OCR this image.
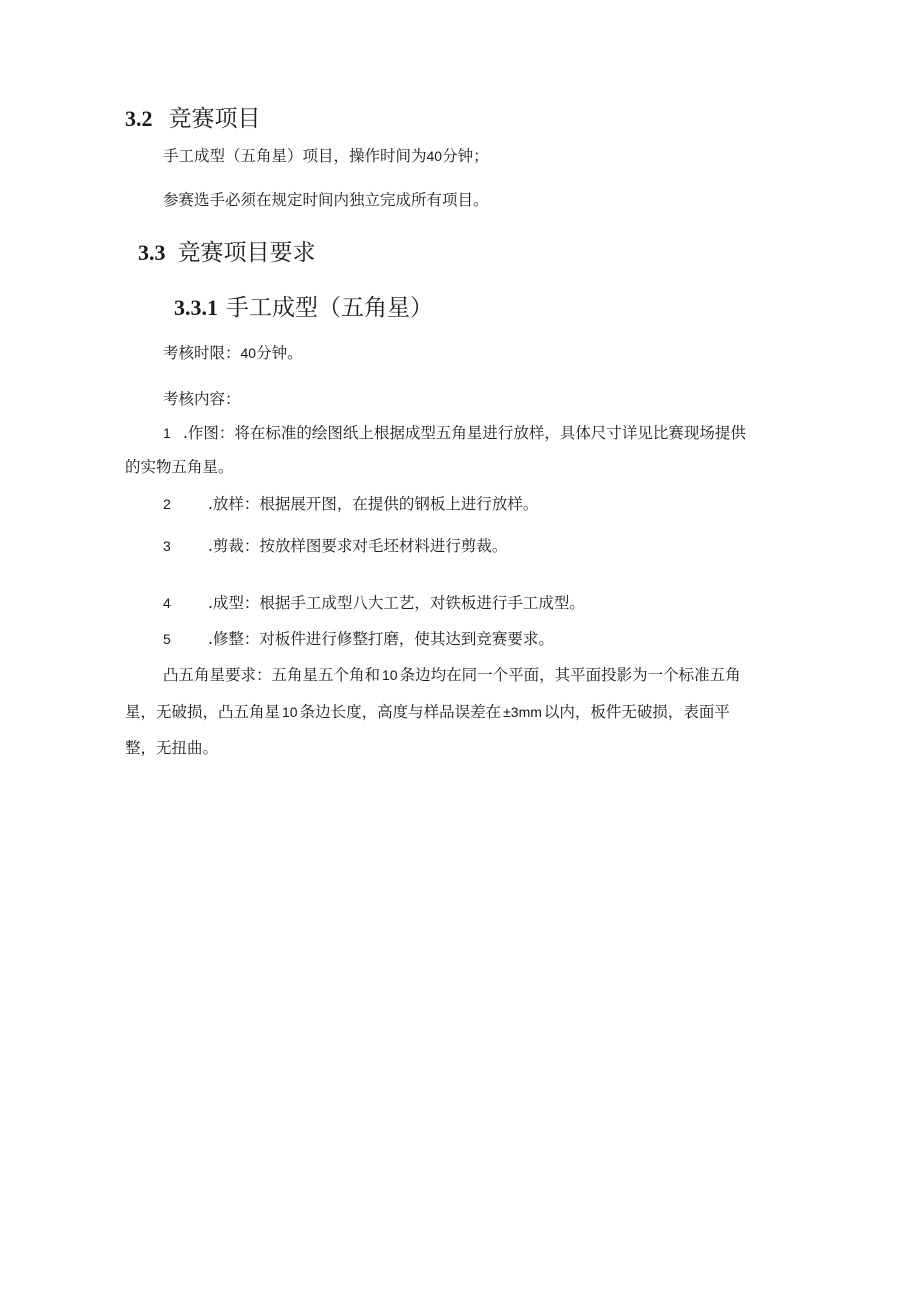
3.2 竞赛项目
手工成型（五角星）项目，操作时间为40分钟；
参赛选手必须在规定时间内独立完成所有项目。
3.3 竞赛项目要求
3.3.1 手工成型（五角星）
考核时限：40分钟。
考核内容：
1 .作图：将在标准的绘图纸上根据成型五角星进行放样，具体尺寸详见比赛现场提供
的实物五角星。
2 .放样：根据展开图，在提供的钢板上进行放样。
3 .剪裁：按放样图要求对毛坯材料进行剪裁。
4 .成型：根据手工成型八大工艺，对铁板进行手工成型。
5 .修整：对板件进行修整打磨，使其达到竞赛要求。
凸五角星要求：五角星五个角和 10 条边均在同一个平面，其平面投影为一个标准五角
星，无破损，凸五角星 10 条边长度，高度与样品误差在 ±3mm 以内，板件无破损，表面平
整，无扭曲。
